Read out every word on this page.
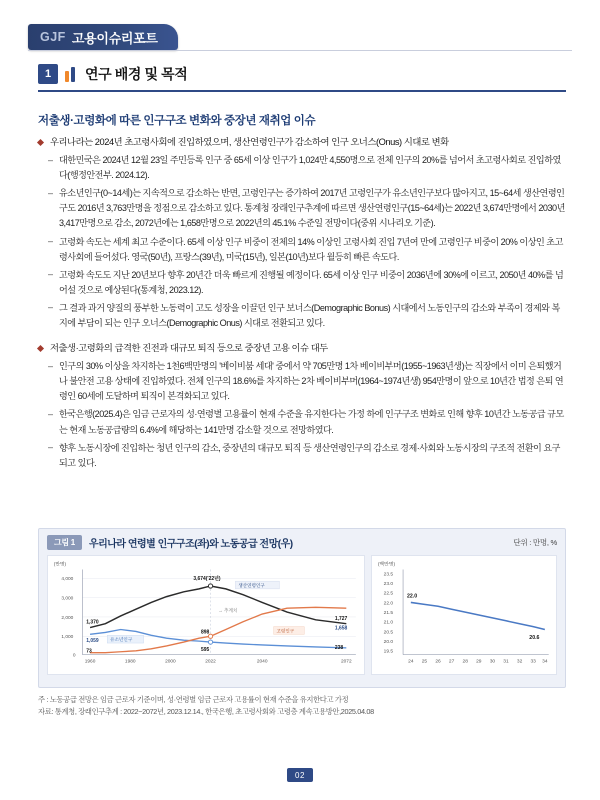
GJF 고용이슈리포트
1	연구 배경 및 목적
저출생·고령화에 따른 인구구조 변화와 중장년 재취업 이슈
우리나라는 2024년 초고령사회에 진입하였으며, 생산연령인구가 감소하여 인구 오너스(Onus) 시대로 변화
– 대한민국은 2024년 12월 23일 주민등록 인구 중 65세 이상 인구가 1,024만 4,550명으로 전체 인구의 20%를 넘어서 초고령사회로 진입하였다(행정안전부. 2024.12).
– 유소년인구(0~14세)는 지속적으로 감소하는 반면, 고령인구는 증가하여 2017년 고령인구가 유소년인구보다 많아지고, 15~64세 생산연령인구도 2016년 3,763만명을 정점으로 감소하고 있다. 통계청 장래인구추계에 따르면 생산연령인구(15~64세)는 2022년 3,674만명에서 2030년 3,417만명으로 감소, 2072년에는 1,658만명으로 2022년의 45.1% 수준일 전망이다(중위 시나리오 기준).
– 고령화 속도는 세계 최고 수준이다. 65세 이상 인구 비중이 전체의 14% 이상인 고령사회 진입 7년여 만에 고령인구 비중이 20% 이상인 초고령사회에 들어섰다. 영국(50년), 프랑스(39년), 미국(15년), 일본(10년)보다 월등히 빠른 속도다.
– 고령화 속도도 지난 20년보다 향후 20년간 더욱 빠르게 진행될 예정이다. 65세 이상 인구 비중이 2036년에 30%에 이르고, 2050년 40%를 넘어설 것으로 예상된다(통계청, 2023.12).
– 그 결과 과거 양질의 풍부한 노동력이 고도 성장을 이끌던 인구 보너스(Demographic Bonus) 시대에서 노동인구의 감소와 부족이 경제와 복지에 부담이 되는 인구 오너스(Demographic Onus) 시대로 전환되고 있다.
저출생·고령화의 급격한 진전과 대규모 퇴직 등으로 중장년 고용 이슈 대두
– 인구의 30% 이상을 차지하는 1천6백만명의 '베이비붐 세대' 중에서 약 705만명 1차 베이비부머(1955~1963년생)는 직장에서 이미 은퇴했거나 불안전 고용 상태에 진입하였다. 전체 인구의 18.6%를 차지하는 2차 베이비부머(1964~1974년생) 954만명이 앞으로 10년간 법정 은퇴 연령인 60세에 도달하며 퇴직이 본격화되고 있다.
– 한국은행(2025.4)은 임금 근로자의 성·연령별 고용률이 현재 수준을 유지한다는 가정 하에 인구구조 변화로 인해 향후 10년간 노동공급 규모는 현재 노동공급량의 6.4%에 해당하는 141만명 감소할 것으로 전망하였다.
– 향후 노동시장에 진입하는 청년 인구의 감소, 중장년의 대규모 퇴직 등 생산연령인구의 감소로 경제·사회와 노동시장의 구조적 전환이 요구되고 있다.
그림 1	우리나라 연령별 인구구조(좌)와 노동공급 전망(우)	단위 : 만명, %
(만명)
4,000
3,000
2,000
1,000
0
1960	1980	2000	2022	2040	2072
3,674('22년)
1,370
1,059
73
898
595
1,727
1,658
238
생산연령인구
유소년인구
고령인구
→ 추계치
(백만명)
23.5
23.0
22.5
22.0
21.5
21.0
20.5
20.0
19.5
24 25 26 27 28 29 30 31 32 33 34
22.0
20.6
주 : 노동공급 전망은 임금 근로자 기준이며, 성·연령별 임금 근로자 고용률이 현재 수준을 유지한다고 가정
자료: 통계청, 장래인구추계 : 2022~2072년, 2023.12.14., 한국은행, 초고령사회와 고령층 계속고용방안,2025.04.08
02
